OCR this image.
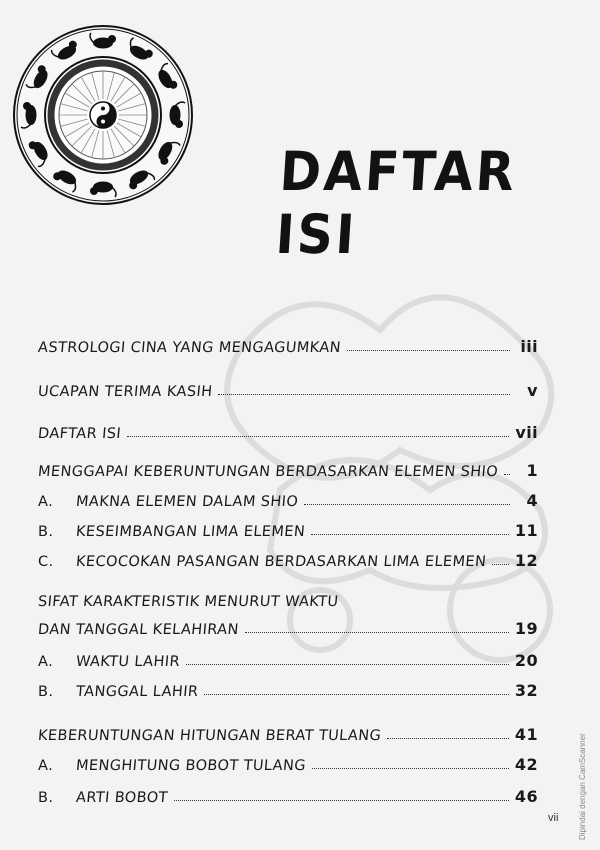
DAFTAR ISI
ASTROLOGI CINA YANG MENGAGUMKAN	iii
UCAPAN TERIMA KASIH	v
DAFTAR ISI	vii
MENGGAPAI KEBERUNTUNGAN BERDASARKAN ELEMEN SHIO	1
A.	MAKNA ELEMEN DALAM SHIO	4
B.	KESEIMBANGAN LIMA ELEMEN	11
C.	KECOCOKAN PASANGAN BERDASARKAN LIMA ELEMEN 12
SIFAT KARAKTERISTIK MENURUT WAKTU
DAN TANGGAL KELAHIRAN	19
A.	WAKTU LAHIR	20
B.	TANGGAL LAHIR	32
KEBERUNTUNGAN HITUNGAN BERAT TULANG	41
A.	MENGHITUNG BOBOT TULANG	42
B.	ARTI BOBOT	46
vii Dipindai dengan CamScanner
